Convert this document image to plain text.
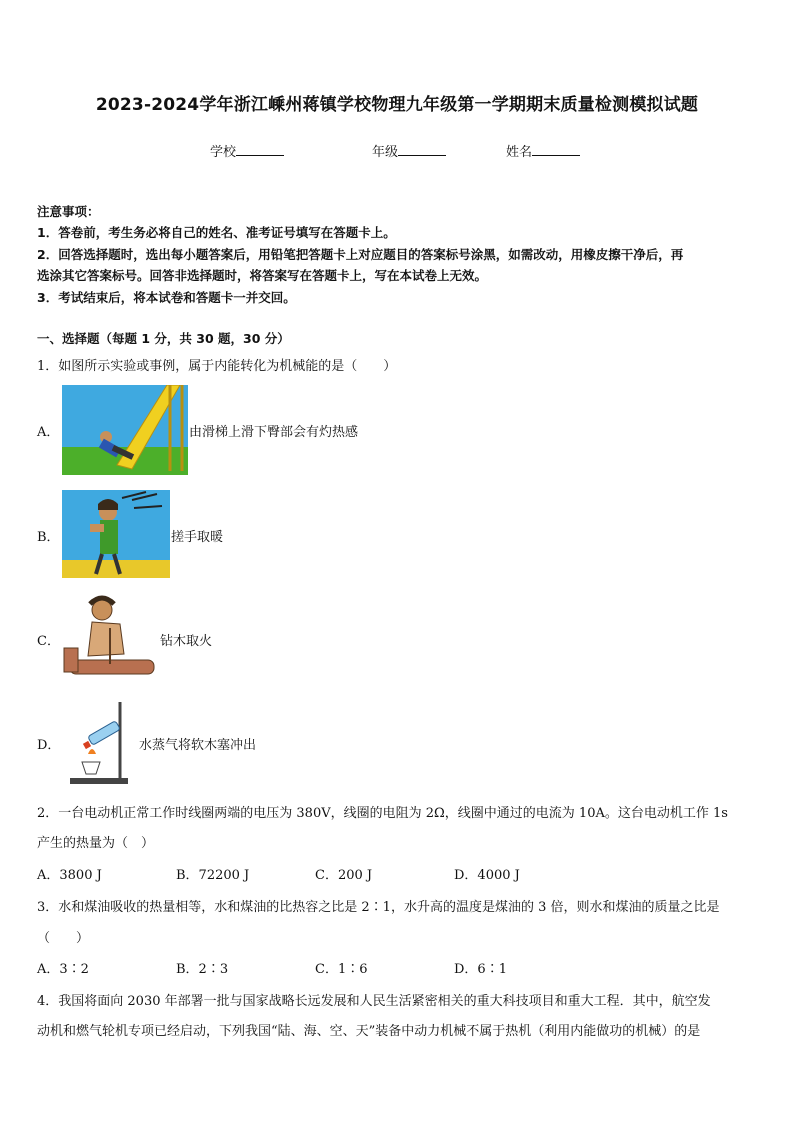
2023-2024学年浙江嵊州蒋镇学校物理九年级第一学期期末质量检测模拟试题
学校	年级	姓名
注意事项：
1．答卷前，考生务必将自己的姓名、准考证号填写在答题卡上。
2．回答选择题时，选出每小题答案后，用铅笔把答题卡上对应题目的答案标号涂黑，如需改动，用橡皮擦干净后，再
选涂其它答案标号。回答非选择题时，将答案写在答题卡上，写在本试卷上无效。
3．考试结束后，将本试卷和答题卡一并交回。
一、选择题（每题 1 分，共 30 题，30 分）
1．如图所示实验或事例，属于内能转化为机械能的是（　　）
A．	由滑梯上滑下臀部会有灼热感
B．	搓手取暖
C．	钻木取火
D．	水蒸气将软木塞冲出
2．一台电动机正常工作时线圈两端的电压为 380V，线圈的电阻为 2Ω，线圈中通过的电流为 10A。这台电动机工作 1s
产生的热量为（　）
A．3800 J	B．72200 J	C．200 J	D．4000 J
3．水和煤油吸收的热量相等，水和煤油的比热容之比是 2∶1，水升高的温度是煤油的 3 倍，则水和煤油的质量之比是
（　　）
A．3∶2	B．2∶3	C．1∶6	D．6∶1
4．我国将面向 2030 年部署一批与国家战略长远发展和人民生活紧密相关的重大科技项目和重大工程．其中，航空发
动机和燃气轮机专项已经启动，下列我国“陆、海、空、天”装备中动力机械不属于热机（利用内能做功的机械）的是
